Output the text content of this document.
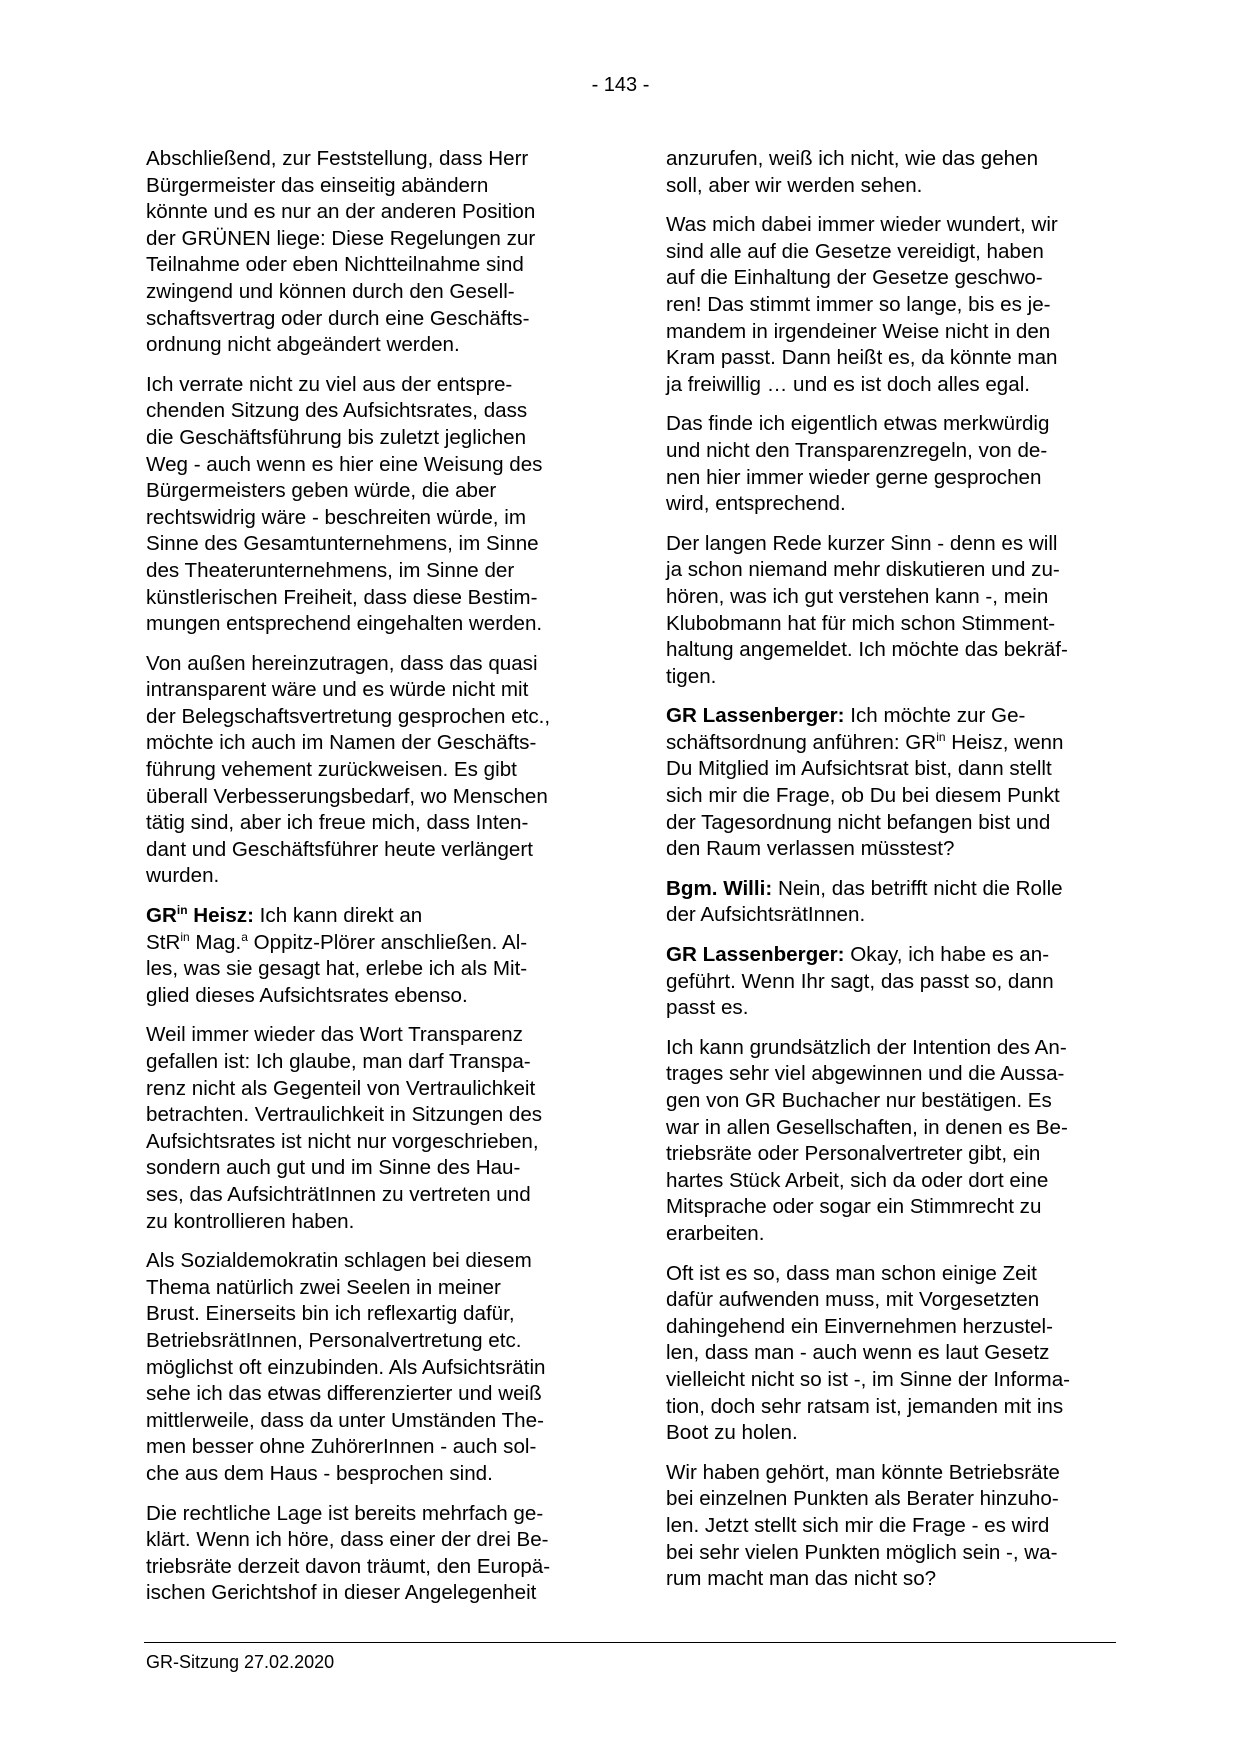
- 143 -

Abschließend, zur Feststellung, dass Herr
Bürgermeister das einseitig abändern
könnte und es nur an der anderen Position
der GRÜNEN liege: Diese Regelungen zur
Teilnahme oder eben Nichtteilnahme sind
zwingend und können durch den Gesell-
schaftsvertrag oder durch eine Geschäfts-
ordnung nicht abgeändert werden.

Ich verrate nicht zu viel aus der entspre-
chenden Sitzung des Aufsichtsrates, dass
die Geschäftsführung bis zuletzt jeglichen
Weg - auch wenn es hier eine Weisung des
Bürgermeisters geben würde, die aber
rechtswidrig wäre - beschreiten würde, im
Sinne des Gesamtunternehmens, im Sinne
des Theaterunternehmens, im Sinne der
künstlerischen Freiheit, dass diese Bestim-
mungen entsprechend eingehalten werden.

Von außen hereinzutragen, dass das quasi
intransparent wäre und es würde nicht mit
der Belegschaftsvertretung gesprochen etc.,
möchte ich auch im Namen der Geschäfts-
führung vehement zurückweisen. Es gibt
überall Verbesserungsbedarf, wo Menschen
tätig sind, aber ich freue mich, dass Inten-
dant und Geschäftsführer heute verlängert
wurden.

$GR^{in}$ Heisz: Ich kann direkt an
StR$^{in}$ Mag.$^a$ Oppitz-Plörer anschließen. Al-
les, was sie gesagt hat, erlebe ich als Mit-
glied dieses Aufsichtsrates ebenso.

Weil immer wieder das Wort Transparenz
gefallen ist: Ich glaube, man darf Transpa-
renz nicht als Gegenteil von Vertraulichkeit
betrachten. Vertraulichkeit in Sitzungen des
Aufsichtsrates ist nicht nur vorgeschrieben,
sondern auch gut und im Sinne des Hau-
ses, das AufsichträtInnen zu vertreten und
zu kontrollieren haben.

Als Sozialdemokratin schlagen bei diesem
Thema natürlich zwei Seelen in meiner
Brust. Einerseits bin ich reflexartig dafür,
BetriebsrätInnen, Personalvertretung etc.
möglichst oft einzubinden. Als Aufsichtsrätin
sehe ich das etwas differenzierter und weiß
mittlerweile, dass da unter Umständen The-
men besser ohne ZuhörerInnen - auch sol-
che aus dem Haus - besprochen sind.

Die rechtliche Lage ist bereits mehrfach ge-
klärt. Wenn ich höre, dass einer der drei Be-
triebsräte derzeit davon träumt, den Europä-
ischen Gerichtshof in dieser Angelegenheit

anzurufen, weiß ich nicht, wie das gehen
soll, aber wir werden sehen.

Was mich dabei immer wieder wundert, wir
sind alle auf die Gesetze vereidigt, haben
auf die Einhaltung der Gesetze geschwo-
ren! Das stimmt immer so lange, bis es je-
mandem in irgendeiner Weise nicht in den
Kram passt. Dann heißt es, da könnte man
ja freiwillig … und es ist doch alles egal.

Das finde ich eigentlich etwas merkwürdig
und nicht den Transparenzregeln, von de-
nen hier immer wieder gerne gesprochen
wird, entsprechend.

Der langen Rede kurzer Sinn - denn es will
ja schon niemand mehr diskutieren und zu-
hören, was ich gut verstehen kann -, mein
Klubobmann hat für mich schon Stimment-
haltung angemeldet. Ich möchte das bekräf-
tigen.

GR Lassenberger: Ich möchte zur Ge-
schäftsordnung anführen: $GR^{in}$ Heisz, wenn
Du Mitglied im Aufsichtsrat bist, dann stellt
sich mir die Frage, ob Du bei diesem Punkt
der Tagesordnung nicht befangen bist und
den Raum verlassen müsstest?

Bgm. Willi: Nein, das betrifft nicht die Rolle
der AufsichtsrätInnen.

GR Lassenberger: Okay, ich habe es an-
geführt. Wenn Ihr sagt, das passt so, dann
passt es.

Ich kann grundsätzlich der Intention des An-
trages sehr viel abgewinnen und die Aussa-
gen von GR Buchacher nur bestätigen. Es
war in allen Gesellschaften, in denen es Be-
triebsräte oder Personalvertreter gibt, ein
hartes Stück Arbeit, sich da oder dort eine
Mitsprache oder sogar ein Stimmrecht zu
erarbeiten.

Oft ist es so, dass man schon einige Zeit
dafür aufwenden muss, mit Vorgesetzten
dahingehend ein Einvernehmen herzustel-
len, dass man - auch wenn es laut Gesetz
vielleicht nicht so ist -, im Sinne der Informa-
tion, doch sehr ratsam ist, jemanden mit ins
Boot zu holen.

Wir haben gehört, man könnte Betriebsräte
bei einzelnen Punkten als Berater hinzuho-
len. Jetzt stellt sich mir die Frage - es wird
bei sehr vielen Punkten möglich sein -, wa-
rum macht man das nicht so?

GR-Sitzung 27.02.2020
